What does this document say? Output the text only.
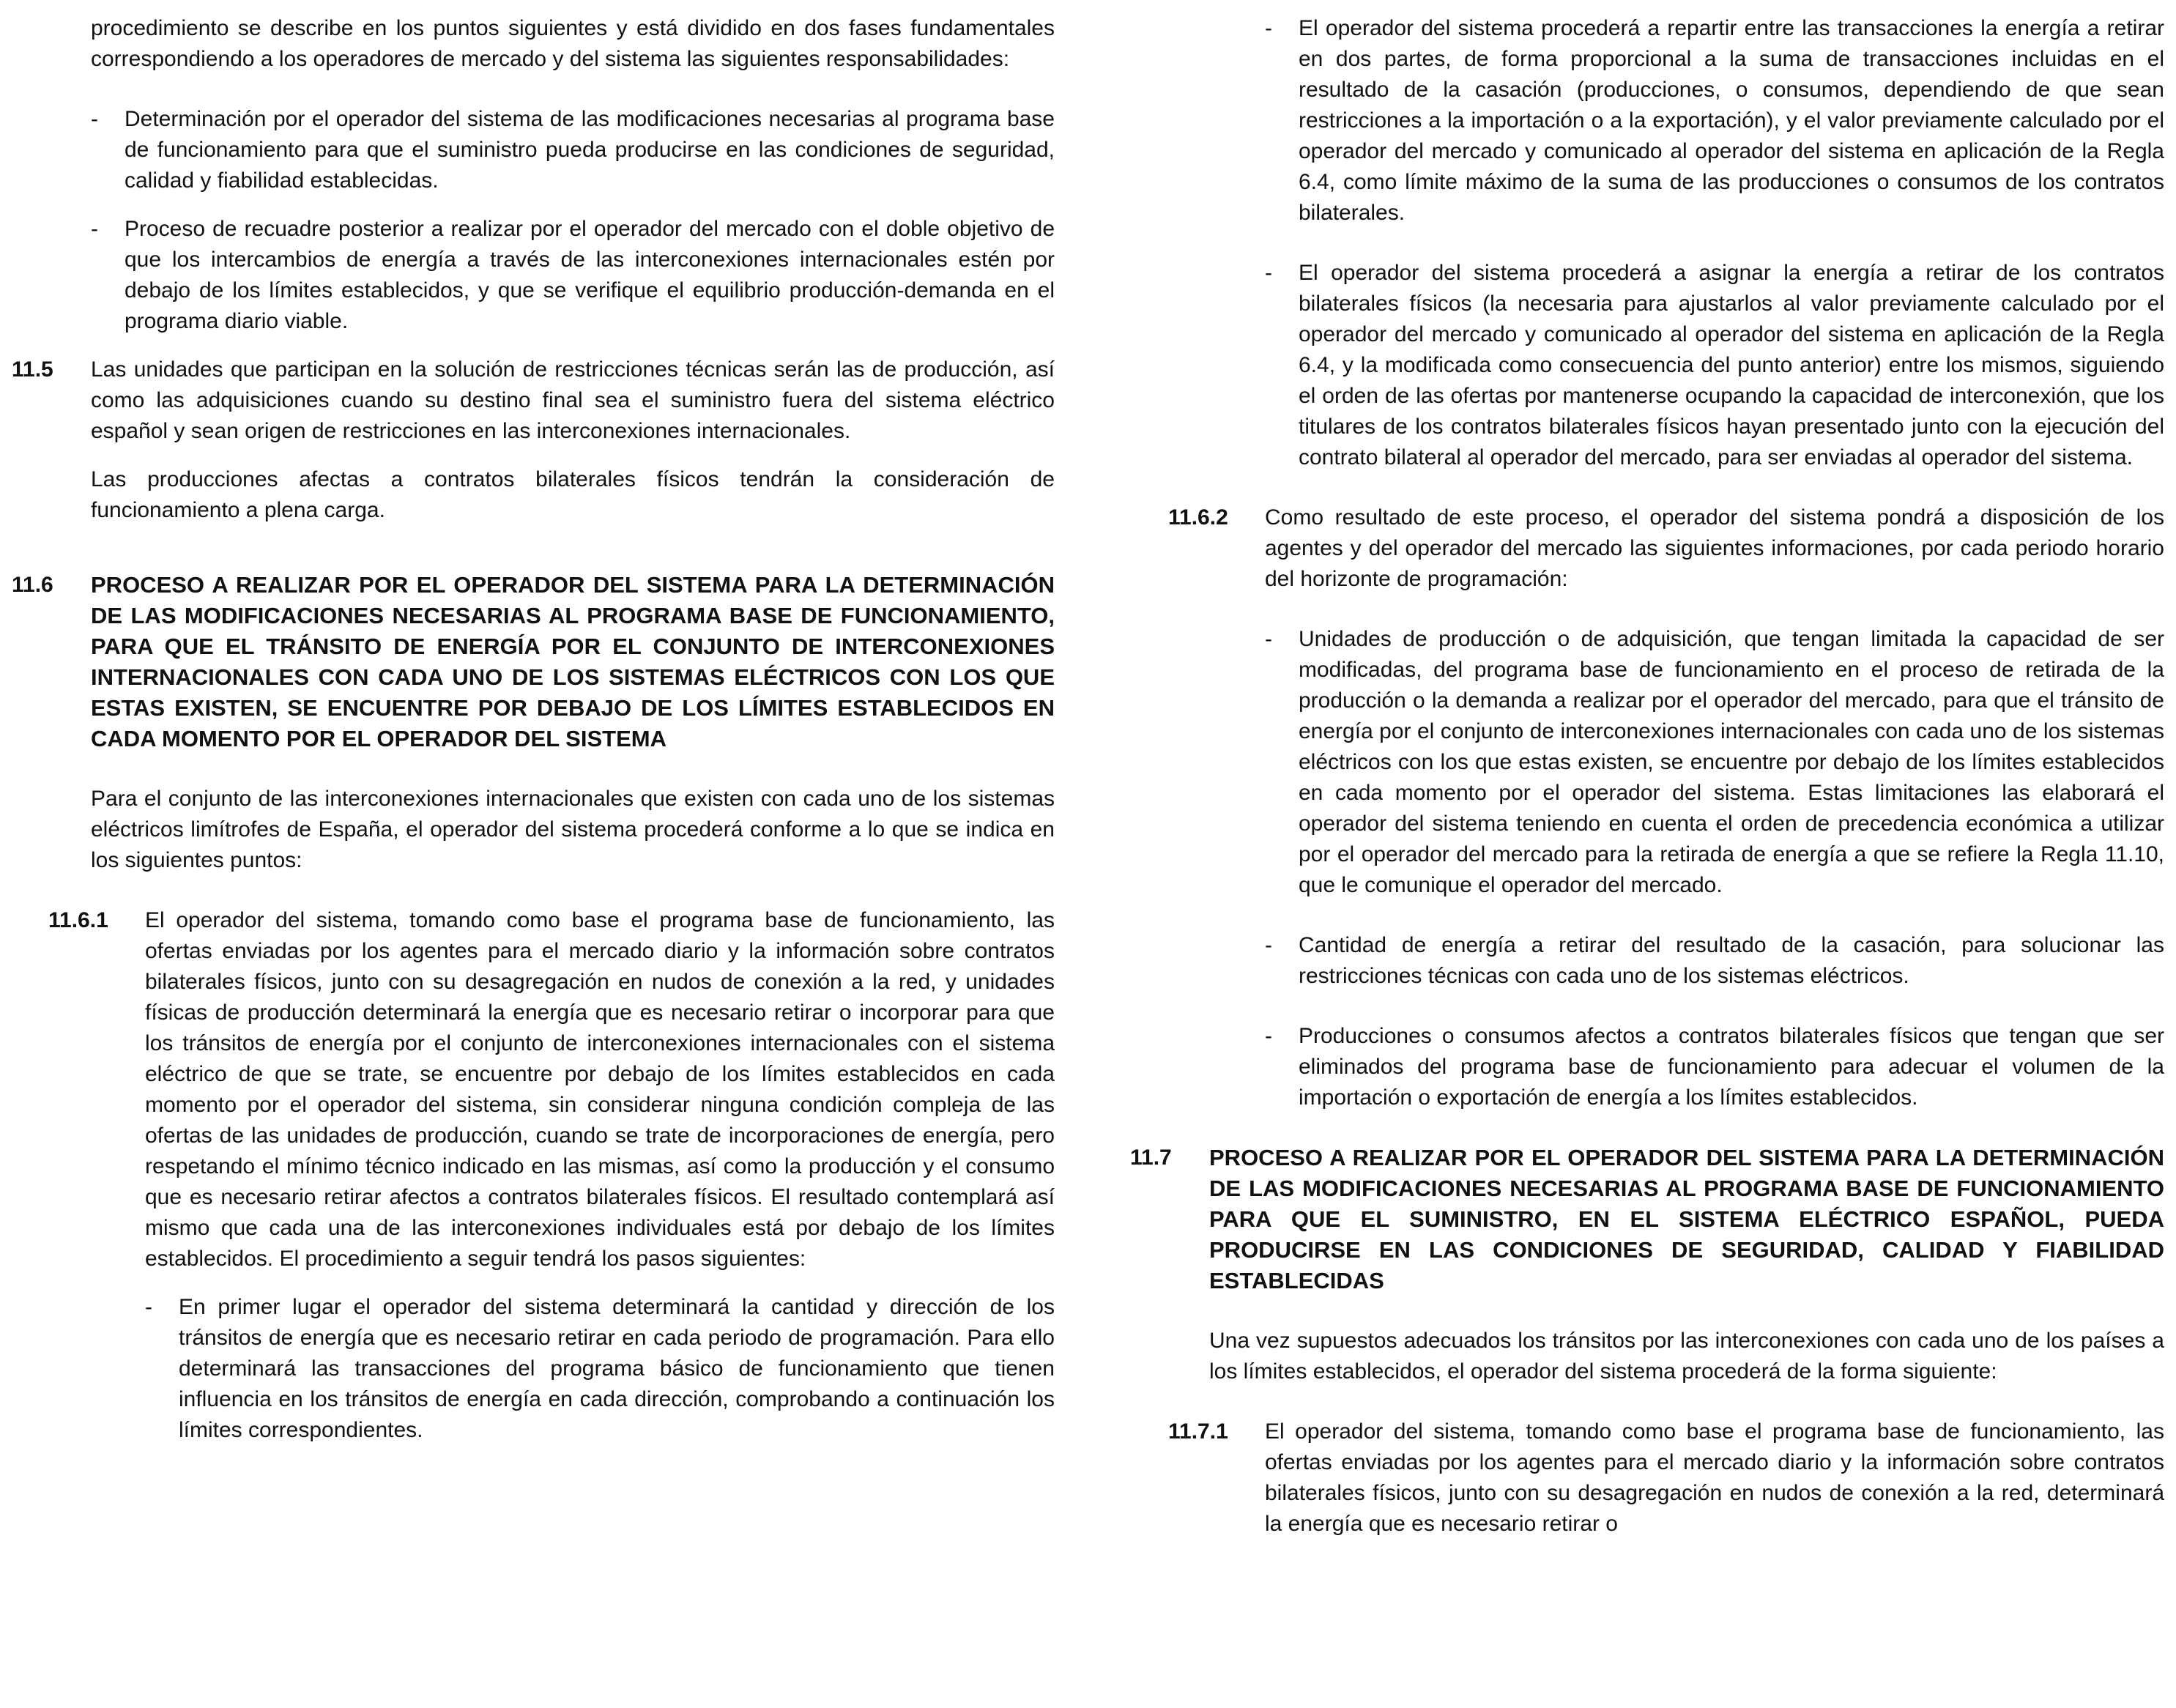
procedimiento se describe en los puntos siguientes y está dividido en dos fases fundamentales correspondiendo a los operadores de mercado y del sistema las siguientes responsabilidades:

-	Determinación por el operador del sistema de las modificaciones necesarias al programa base de funcionamiento para que el suministro pueda producirse en las condiciones de seguridad, calidad y fiabilidad establecidas.

-	Proceso de recuadre posterior a realizar por el operador del mercado con el doble objetivo de que los intercambios de energía a través de las interconexiones internacionales estén por debajo de los límites establecidos, y que se verifique el equilibrio producción-demanda en el programa diario viable.

11.5	Las unidades que participan en la solución de restricciones técnicas serán las de producción, así como las adquisiciones cuando su destino final sea el suministro fuera del sistema eléctrico español y sean origen de restricciones en las interconexiones internacionales.

Las producciones afectas a contratos bilaterales físicos tendrán la consideración de funcionamiento a plena carga.

11.6	PROCESO A REALIZAR POR EL OPERADOR DEL SISTEMA PARA LA DETERMINACIÓN DE LAS MODIFICACIONES NECESARIAS AL PROGRAMA BASE DE FUNCIONAMIENTO, PARA QUE EL TRÁNSITO DE ENERGÍA POR EL CONJUNTO DE INTERCONEXIONES INTERNACIONALES CON CADA UNO DE LOS SISTEMAS ELÉCTRICOS CON LOS QUE ESTAS EXISTEN, SE ENCUENTRE POR DEBAJO DE LOS LÍMITES ESTABLECIDOS EN CADA MOMENTO POR EL OPERADOR DEL SISTEMA

Para el conjunto de las interconexiones internacionales que existen con cada uno de los sistemas eléctricos limítrofes de España, el operador del sistema procederá conforme a lo que se indica en los siguientes puntos:

11.6.1	El operador del sistema, tomando como base el programa base de funcionamiento, las ofertas enviadas por los agentes para el mercado diario y la información sobre contratos bilaterales físicos, junto con su desagregación en nudos de conexión a la red, y unidades físicas de producción determinará la energía que es necesario retirar o incorporar para que los tránsitos de energía por el conjunto de interconexiones internacionales con el sistema eléctrico de que se trate, se encuentre por debajo de los límites establecidos en cada momento por el operador del sistema, sin considerar ninguna condición compleja de las ofertas de las unidades de producción, cuando se trate de incorporaciones de energía, pero respetando el mínimo técnico indicado en las mismas, así como la producción y el consumo que es necesario retirar afectos a contratos bilaterales físicos. El resultado contemplará así mismo que cada una de las interconexiones individuales está por debajo de los límites establecidos. El procedimiento a seguir tendrá los pasos siguientes:

-	En primer lugar el operador del sistema determinará la cantidad y dirección de los tránsitos de energía que es necesario retirar en cada periodo de programación. Para ello determinará las transacciones del programa básico de funcionamiento que tienen influencia en los tránsitos de energía en cada dirección, comprobando a continuación los límites correspondientes.

-	El operador del sistema procederá a repartir entre las transacciones la energía a retirar en dos partes, de forma proporcional a la suma de transacciones incluidas en el resultado de la casación (producciones, o consumos, dependiendo de que sean restricciones a la importación o a la exportación), y el valor previamente calculado por el operador del mercado y comunicado al operador del sistema en aplicación de la Regla 6.4, como límite máximo de la suma de las producciones o consumos de los contratos bilaterales.

-	El operador del sistema procederá a asignar la energía a retirar de los contratos bilaterales físicos (la necesaria para ajustarlos al valor previamente calculado por el operador del mercado y comunicado al operador del sistema en aplicación de la Regla 6.4, y la modificada como consecuencia del punto anterior) entre los mismos, siguiendo el orden de las ofertas por mantenerse ocupando la capacidad de interconexión, que los titulares de los contratos bilaterales físicos hayan presentado junto con la ejecución del contrato bilateral al operador del mercado, para ser enviadas al operador del sistema.

11.6.2	Como resultado de este proceso, el operador del sistema pondrá a disposición de los agentes y del operador del mercado las siguientes informaciones, por cada periodo horario del horizonte de programación:

-	Unidades de producción o de adquisición, que tengan limitada la capacidad de ser modificadas, del programa base de funcionamiento en el proceso de retirada de la producción o la demanda a realizar por el operador del mercado, para que el tránsito de energía por el conjunto de interconexiones internacionales con cada uno de los sistemas eléctricos con los que estas existen, se encuentre por debajo de los límites establecidos en cada momento por el operador del sistema. Estas limitaciones las elaborará el operador del sistema teniendo en cuenta el orden de precedencia económica a utilizar por el operador del mercado para la retirada de energía a que se refiere la Regla 11.10, que le comunique el operador del mercado.

-	Cantidad de energía a retirar del resultado de la casación, para solucionar las restricciones técnicas con cada uno de los sistemas eléctricos.

-	Producciones o consumos afectos a contratos bilaterales físicos que tengan que ser eliminados del programa base de funcionamiento para adecuar el volumen de la importación o exportación de energía a los límites establecidos.

11.7	PROCESO A REALIZAR POR EL OPERADOR DEL SISTEMA PARA LA DETERMINACIÓN DE LAS MODIFICACIONES NECESARIAS AL PROGRAMA BASE DE FUNCIONAMIENTO PARA QUE EL SUMINISTRO, EN EL SISTEMA ELÉCTRICO ESPAÑOL, PUEDA PRODUCIRSE EN LAS CONDICIONES DE SEGURIDAD, CALIDAD Y FIABILIDAD ESTABLECIDAS

Una vez supuestos adecuados los tránsitos por las interconexiones con cada uno de los países a los límites establecidos, el operador del sistema procederá de la forma siguiente:

11.7.1	El operador del sistema, tomando como base el programa base de funcionamiento, las ofertas enviadas por los agentes para el mercado diario y la información sobre contratos bilaterales físicos, junto con su desagregación en nudos de conexión a la red, determinará la energía que es necesario retirar o
